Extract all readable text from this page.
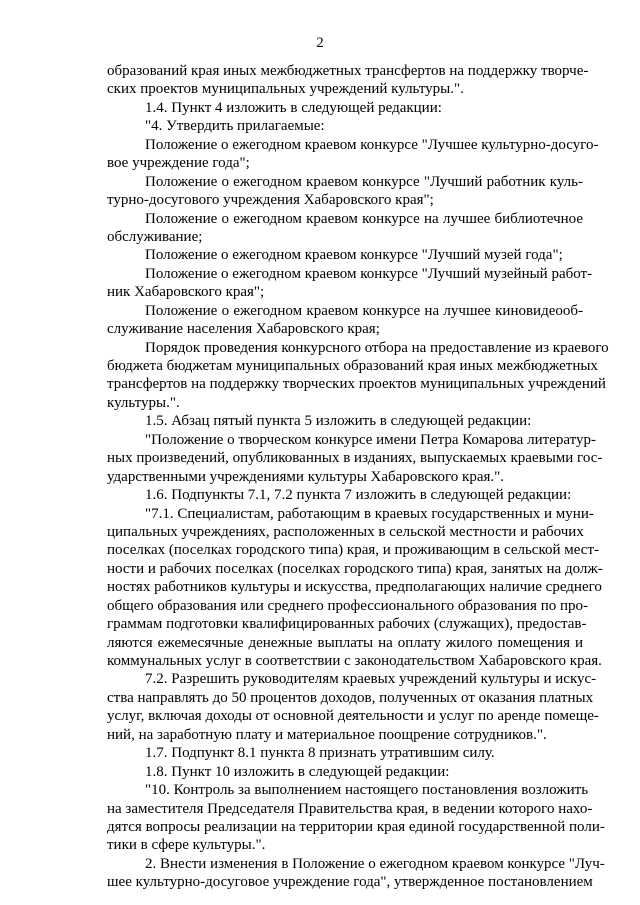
2
образований края иных межбюджетных трансфертов на поддержку творче-
ских проектов муниципальных учреждений культуры.".
1.4. Пункт 4 изложить в следующей редакции:
"4. Утвердить прилагаемые:
Положение о ежегодном краевом конкурсе "Лучшее культурно-досуго-
вое учреждение года";
Положение о ежегодном краевом конкурсе "Лучший работник куль-
турно-досугового учреждения Хабаровского края";
Положение о ежегодном краевом конкурсе на лучшее библиотечное
обслуживание;
Положение о ежегодном краевом конкурсе "Лучший музей года";
Положение о ежегодном краевом конкурсе "Лучший музейный работ-
ник Хабаровского края";
Положение о ежегодном краевом конкурсе на лучшее киновидеооб-
служивание населения Хабаровского края;
Порядок проведения конкурсного отбора на предоставление из краевого
бюджета бюджетам муниципальных образований края иных межбюджетных
трансфертов на поддержку творческих проектов муниципальных учреждений
культуры.".
1.5. Абзац пятый пункта 5 изложить в следующей редакции:
"Положение о творческом конкурсе имени Петра Комарова литератур-
ных произведений, опубликованных в изданиях, выпускаемых краевыми гос-
ударственными учреждениями культуры Хабаровского края.".
1.6. Подпункты 7.1, 7.2 пункта 7 изложить в следующей редакции:
"7.1. Специалистам, работающим в краевых государственных и муни-
ципальных учреждениях, расположенных в сельской местности и рабочих
поселках (поселках городского типа) края, и проживающим в сельской мест-
ности и рабочих поселках (поселках городского типа) края, занятых на долж-
ностях работников культуры и искусства, предполагающих наличие среднего
общего образования или среднего профессионального образования по про-
граммам подготовки квалифицированных рабочих (служащих), предостав-
ляются ежемесячные денежные выплаты на оплату жилого помещения и
коммунальных услуг в соответствии с законодательством Хабаровского края.
7.2. Разрешить руководителям краевых учреждений культуры и искус-
ства направлять до 50 процентов доходов, полученных от оказания платных
услуг, включая доходы от основной деятельности и услуг по аренде помеще-
ний, на заработную плату и материальное поощрение сотрудников.".
1.7. Подпункт 8.1 пункта 8 признать утратившим силу.
1.8. Пункт 10 изложить в следующей редакции:
"10. Контроль за выполнением настоящего постановления возложить
на заместителя Председателя Правительства края, в ведении которого нахо-
дятся вопросы реализации на территории края единой государственной поли-
тики в сфере культуры.".
2. Внести изменения в Положение о ежегодном краевом конкурсе "Луч-
шее культурно-досуговое учреждение года", утвержденное постановлением
